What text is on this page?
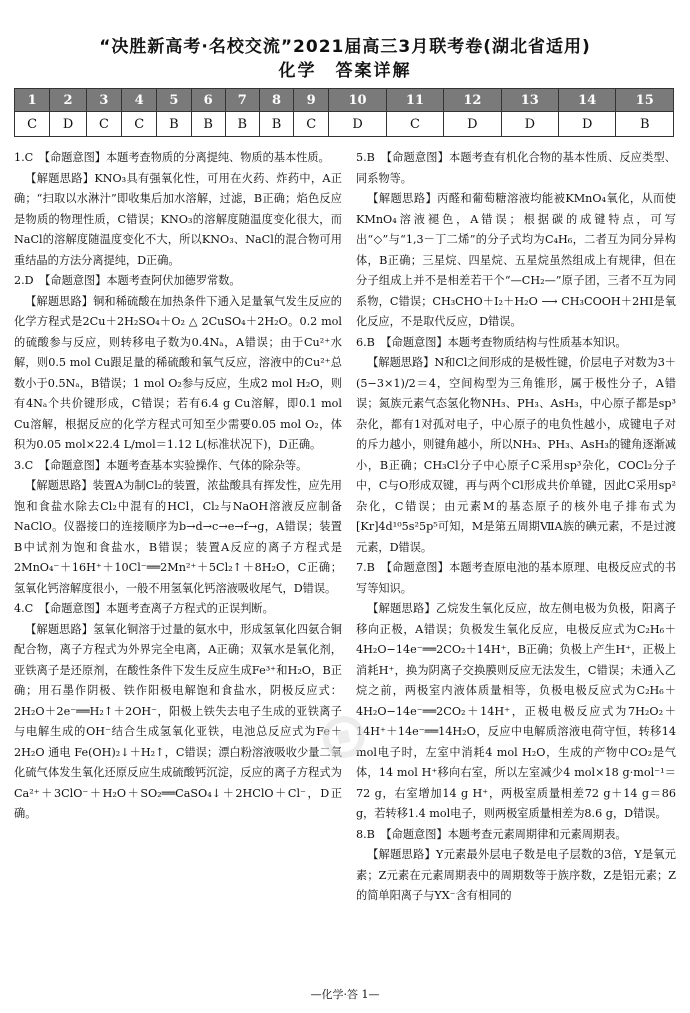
“决胜新高考·名校交流”2021届高三3月联考卷(湖北省适用)
化学　答案详解
1	2	3	4	5	6	7	8	9	10	11	12	13	14	15
C	D	C	C	B	B	B	B	C	D	C	D	D	D	B

1.C　【命题意图】本题考查物质的分离提纯、物质的基本性质。

【解题思路】KNO₃具有强氧化性，可用在火药、炸药中，A正确；“扫取以水淋汁”即收集后加水溶解，过滤，B正确；焰色反应是物质的物理性质，C错误；KNO₃的溶解度随温度变化很大，而NaCl的溶解度随温度变化不大，所以KNO₃、NaCl的混合物可用重结晶的方法分离提纯，D正确。

2.D　【命题意图】本题考查阿伏加德罗常数。

【解题思路】铜和稀硫酸在加热条件下通入足量氧气发生反应的化学方程式是2Cu＋2H₂SO₄＋O₂ △ 2CuSO₄＋2H₂O。0.2 mol的硫酸参与反应，则转移电子数为0.4Nₐ，A错误；由于Cu²⁺水解，则0.5 mol Cu跟足量的稀硫酸和氧气反应，溶液中的Cu²⁺总数小于0.5Nₐ，B错误；1 mol O₂参与反应，生成2 mol H₂O，则有4Nₐ个共价键形成，C错误；若有6.4 g Cu溶解，即0.1 mol Cu溶解，根据反应的化学方程式可知至少需要0.05 mol O₂，体积为0.05 mol×22.4 L/mol＝1.12 L(标准状况下)，D正确。

3.C　【命题意图】本题考查基本实验操作、气体的除杂等。

【解题思路】装置A为制Cl₂的装置，浓盐酸具有挥发性，应先用饱和食盐水除去Cl₂中混有的HCl，Cl₂与NaOH溶液反应制备NaClO。仪器接口的连接顺序为b→d→c→e→f→g，A错误；装置B中试剂为饱和食盐水，B错误；装置A反应的离子方程式是2MnO₄⁻＋16H⁺＋10Cl⁻══2Mn²⁺＋5Cl₂↑＋8H₂O，C正确；氢氧化钙溶解度很小，一般不用氢氧化钙溶液吸收尾气，D错误。

4.C　【命题意图】本题考查离子方程式的正误判断。

【解题思路】氢氧化铜溶于过量的氨水中，形成氢氧化四氨合铜配合物，离子方程式为外界完全电离，A正确；双氧水是氧化剂，亚铁离子是还原剂，在酸性条件下发生反应生成Fe³⁺和H₂O，B正确；用石墨作阴极、铁作阳极电解饱和食盐水，阴极反应式：2H₂O＋2e⁻══H₂↑＋2OH⁻，阳极上铁失去电子生成的亚铁离子与电解生成的OH⁻结合生成氢氧化亚铁，电池总反应式为Fe＋2H₂O 通电 Fe(OH)₂↓＋H₂↑，C错误；漂白粉溶液吸收少量二氧化硫气体发生氧化还原反应生成硫酸钙沉淀，反应的离子方程式为Ca²⁺＋3ClO⁻＋H₂O＋SO₂══CaSO₄↓＋2HClO＋Cl⁻，D正确。

5.B　【命题意图】本题考查有机化合物的基本性质、反应类型、同系物等。

【解题思路】丙醛和葡萄糖溶液均能被KMnO₄氧化，从而使KMnO₄溶液褪色，A错误；根据碳的成键特点，可写出“◇”与“1,3－丁二烯”的分子式均为C₄H₆，二者互为同分异构体，B正确；三星烷、四星烷、五星烷虽然组成上有规律，但在分子组成上并不是相差若干个“—CH₂—”原子团，三者不互为同系物，C错误；CH₃CHO＋I₂＋H₂O ⟶ CH₃COOH＋2HI是氧化反应，不是取代反应，D错误。

6.B　【命题意图】本题考查物质结构与性质基本知识。

【解题思路】N和Cl之间形成的是极性键，价层电子对数为3＋(5−3×1)/2＝4，空间构型为三角锥形，属于极性分子，A错误；氮族元素气态氢化物NH₃、PH₃、AsH₃，中心原子都是sp³杂化，都有1对孤对电子，中心原子的电负性越小，成键电子对的斥力越小，则键角越小，所以NH₃、PH₃、AsH₃的键角逐渐减小，B正确；CH₃Cl分子中心原子C采用sp³杂化，COCl₂分子中，C与O形成双键，再与两个Cl形成共价单键，因此C采用sp²杂化，C错误；由元素M的基态原子的核外电子排布式为[Kr]4d¹⁰5s²5p⁵可知，M是第五周期ⅦA族的碘元素，不是过渡元素，D错误。

7.B　【命题意图】本题考查原电池的基本原理、电极反应式的书写等知识。

【解题思路】乙烷发生氧化反应，故左侧电极为负极，阳离子移向正极，A错误；负极发生氧化反应，电极反应式为C₂H₆＋4H₂O−14e⁻══2CO₂＋14H⁺，B正确；负极上产生H⁺，正极上消耗H⁺，换为阴离子交换膜则反应无法发生，C错误；未通入乙烷之前，两极室内液体质量相等，负极电极反应式为C₂H₆＋4H₂O−14e⁻══2CO₂＋14H⁺，正极电极反应式为7H₂O₂＋14H⁺＋14e⁻══14H₂O，反应中电解质溶液电荷守恒，转移14 mol电子时，左室中消耗4 mol H₂O，生成的产物中CO₂是气体，14 mol H⁺移向右室，所以左室减少4 mol×18 g·mol⁻¹＝72 g，右室增加14 g H⁺，两极室质量相差72 g＋14 g＝86 g，若转移1.4 mol电子，则两极室质量相差为8.6 g，D错误。

8.B　【命题意图】本题考查元素周期律和元素周期表。

【解题思路】Y元素最外层电子数是电子层数的3倍，Y是氧元素；Z元素在元素周期表中的周期数等于族序数，Z是铝元素；Z的简单阳离子与YX⁻含有相同的

⊙
—化学·答 1—
